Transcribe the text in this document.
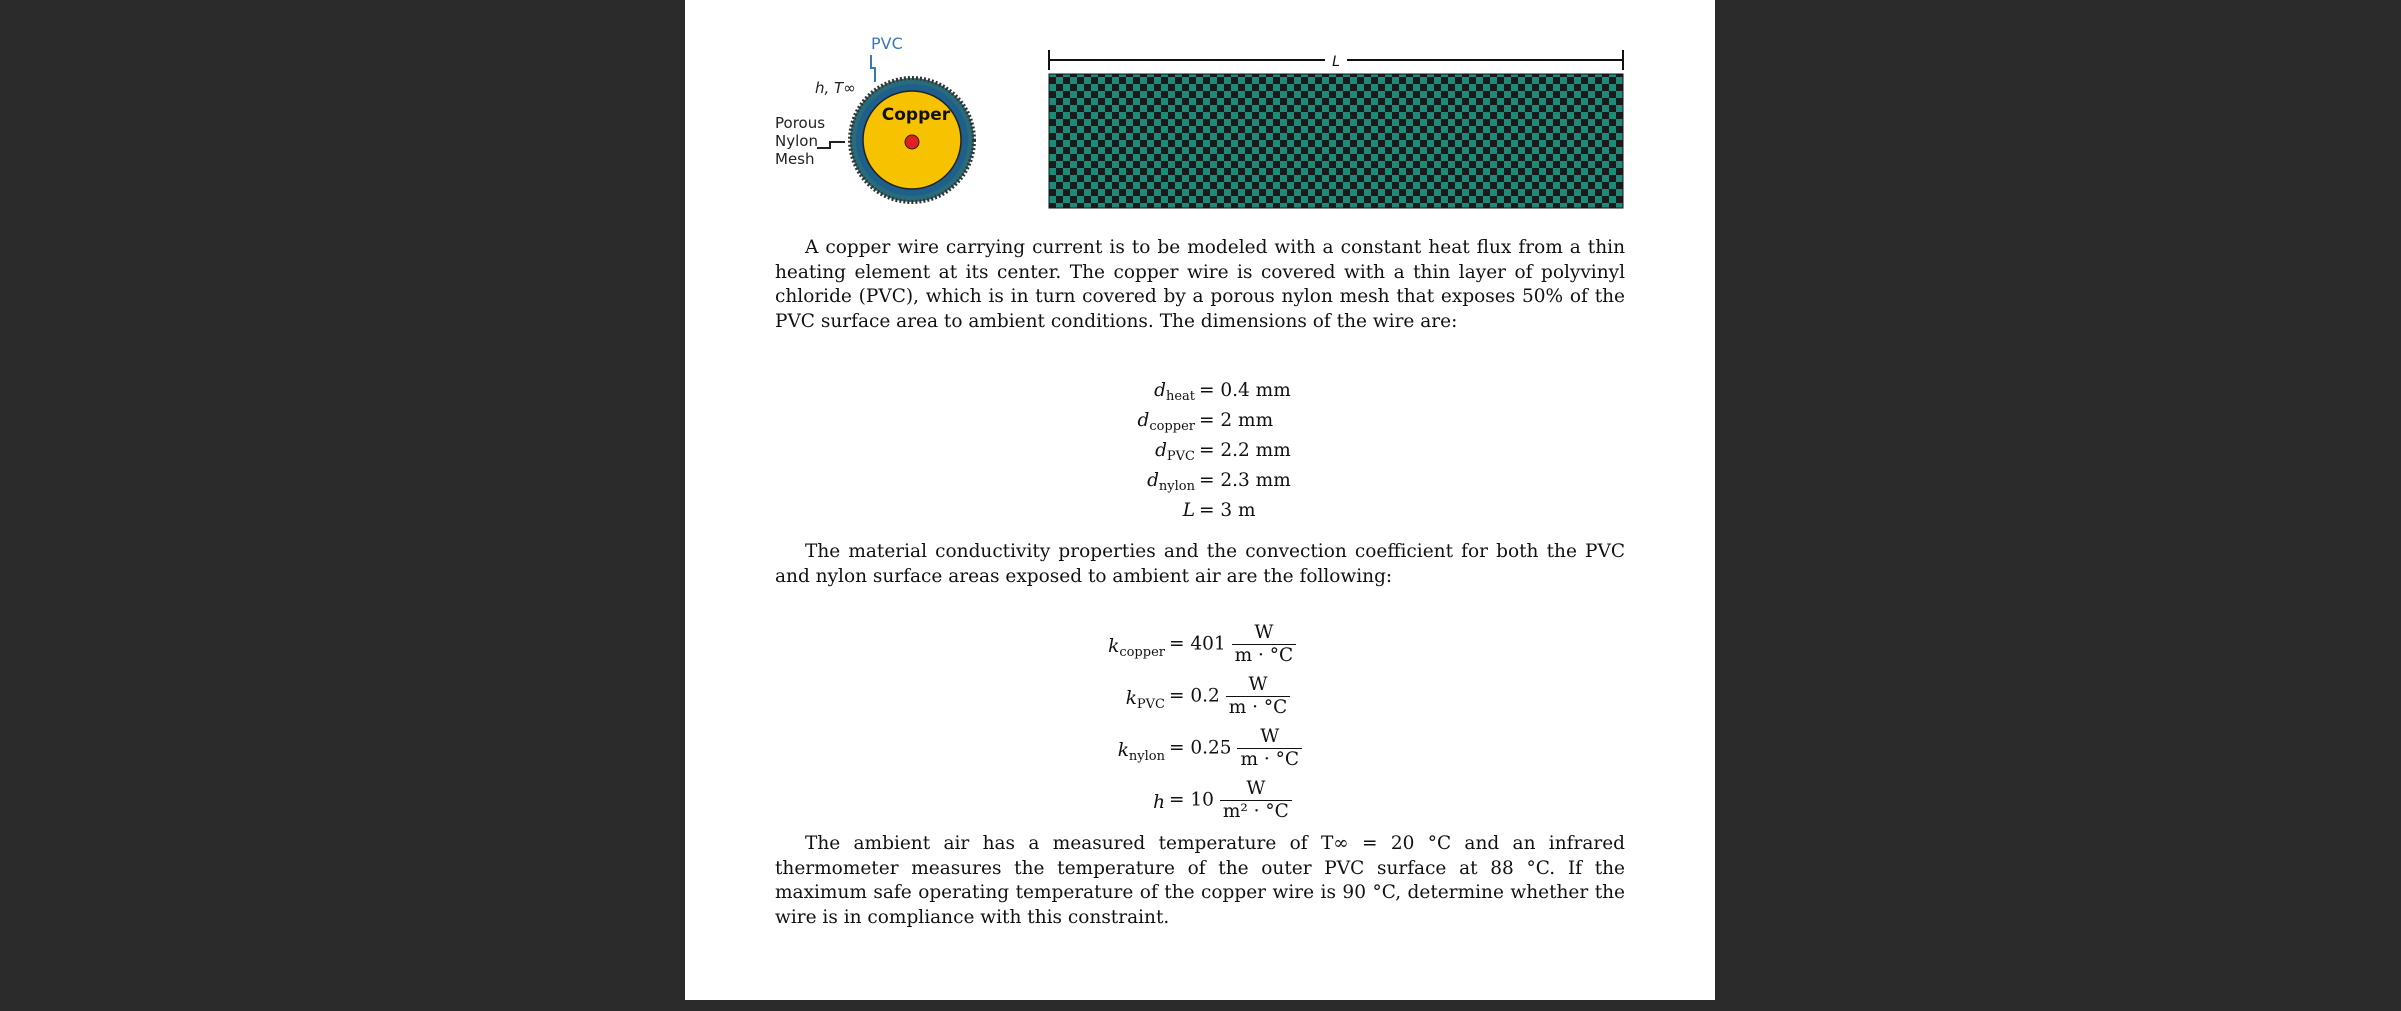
Copper
PVC
h, T∞
Porous Nylon Mesh
L

A copper wire carrying current is to be modeled with a constant heat flux from a thin heating element at its center. The copper wire is covered with a thin layer of polyvinyl chloride (PVC), which is in turn covered by a porous nylon mesh that exposes 50% of the PVC surface area to ambient conditions. The dimensions of the wire are:

$d_{heat} = 0.4$ mm
$d_{copper} = 2$ mm
$d_{PVC} = 2.2$ mm
$d_{nylon} = 2.3$ mm
L = 3 m

The material conductivity properties and the convection coefficient for both the PVC and nylon surface areas exposed to ambient air are the following:

$k_{copper} = 401 \frac{W}{m \cdot ^\circ C}$
$k_{PVC} = 0.2 \frac{W}{m \cdot ^\circ C}$
$k_{nylon} = 0.25 \frac{W}{m \cdot ^\circ C}$
$h = 10 \frac{W}{\text{m² · °C}}$

The ambient air has a measured temperature of T∞ = 20 °C and an infrared thermometer measures the temperature of the outer PVC surface at 88 °C. If the maximum safe operating temperature of the copper wire is 90 °C, determine whether the wire is in compliance with this constraint.
